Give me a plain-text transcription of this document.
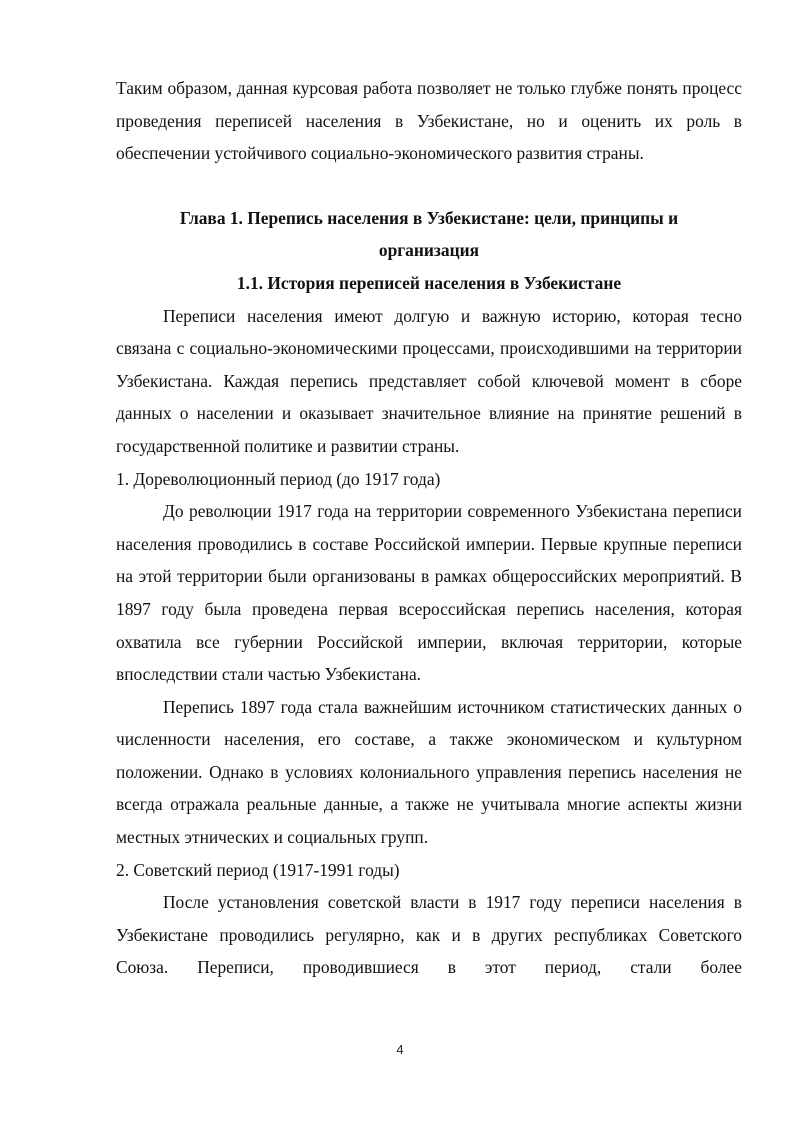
Таким образом, данная курсовая работа позволяет не только глубже понять процесс проведения переписей населения в Узбекистане, но и оценить их роль в обеспечении устойчивого социально-экономического развития страны.

Глава 1. Перепись населения в Узбекистане: цели, принципы и
организация
1.1. История переписей населения в Узбекистане

Переписи населения имеют долгую и важную историю, которая тесно связана с социально-экономическими процессами, происходившими на территории Узбекистана. Каждая перепись представляет собой ключевой момент в сборе данных о населении и оказывает значительное влияние на принятие решений в государственной политике и развитии страны.

1. Дореволюционный период (до 1917 года)

До революции 1917 года на территории современного Узбекистана переписи населения проводились в составе Российской империи. Первые крупные переписи на этой территории были организованы в рамках общероссийских мероприятий. В 1897 году была проведена первая всероссийская перепись населения, которая охватила все губернии Российской империи, включая территории, которые впоследствии стали частью Узбекистана.

Перепись 1897 года стала важнейшим источником статистических данных о численности населения, его составе, а также экономическом и культурном положении. Однако в условиях колониального управления перепись населения не всегда отражала реальные данные, а также не учитывала многие аспекты жизни местных этнических и социальных групп.

2. Советский период (1917-1991 годы)

После установления советской власти в 1917 году переписи населения в Узбекистане проводились регулярно, как и в других республиках Советского Союза. Переписи, проводившиеся в этот период, стали более

4
